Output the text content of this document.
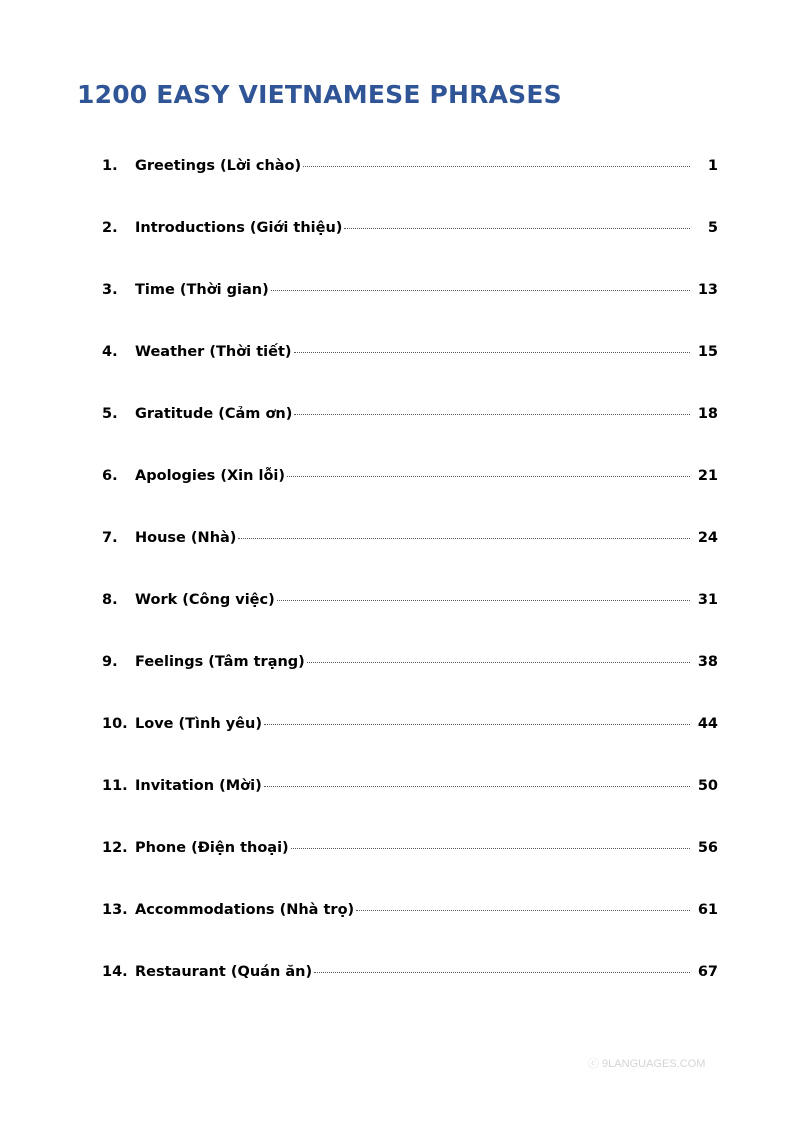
1200 EASY VIETNAMESE PHRASES
1.	Greetings (Lời chào)	1
2.	Introductions (Giới thiệu)	5
3.	Time (Thời gian)	13
4.	Weather (Thời tiết)	15
5.	Gratitude (Cảm ơn)	18
6.	Apologies (Xin lỗi)	21
7.	House (Nhà)	24
8.	Work (Công việc)	31
9.	Feelings (Tâm trạng)	38
10. Love (Tình yêu)	44
11. Invitation (Mời)	50
12. Phone (Điện thoại)	56
13. Accommodations (Nhà trọ)	61
14. Restaurant (Quán ăn)	67
ⓒ 9LANGUAGES.COM
